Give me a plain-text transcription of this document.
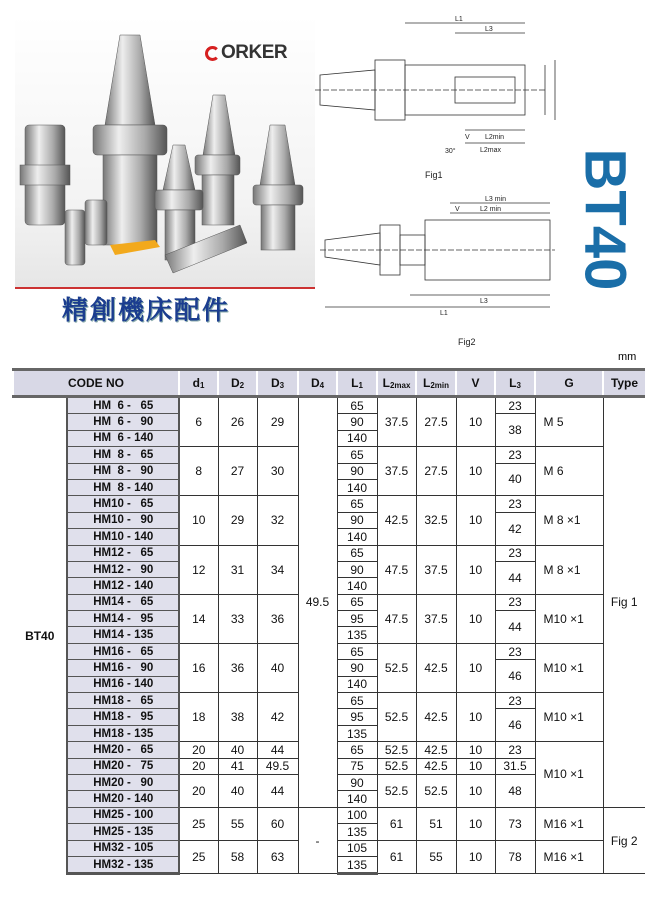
ORKER
精創機床配件
L1
L3
L2min
L2max
V
30°
Fig1
L3 min
L2 min
V
L3
L1
Fig2
BT40
mm
CODE NO		$d_1$	$D_2$	$D_3$	$D_4$	$L_1$	$L_{2max}$	$L_{2min}$	V	$L_3$	G	Type
BT40	HM  6 -   65	6	26	29	49.5	65	37.5	27.5	10	23	M 5	Fig 1
	HM  6 -   90					90				38		
	HM  6 - 140					140						
	HM  8 -   65	8	27	30		65	37.5	27.5	10	23	M 6	
	HM  8 -   90					90				40		
	HM  8 - 140					140						
	HM10 -   65	10	29	32		65	42.5	32.5	10	23	M 8 ×1	
	HM10 -   90					90				42		
	HM10 - 140					140						
	HM12 -   65	12	31	34		65	47.5	37.5	10	23	M 8 ×1	
	HM12 -   90					90				44		
	HM12 - 140					140						
	HM14 -   65	14	33	36		65	47.5	37.5	10	23	M10 ×1	
	HM14 -   95					95				44		
	HM14 - 135					135						
	HM16 -   65	16	36	40		65	52.5	42.5	10	23	M10 ×1	
	HM16 -   90					90				46		
	HM16 - 140					140						
	HM18 -   65	18	38	42		65	52.5	42.5	10	23	M10 ×1	
	HM18 -   95					95				46		
	HM18 - 135					135						
	HM20 -   65	20	40	44		65	52.5	42.5	10	23	M10 ×1	
	HM20 -   75	20	41	49.5		75	52.5	42.5	10	31.5		
	HM20 -   90	20	40	44		90	52.5	52.5	10	48		
	HM20 - 140					140						
	HM25 - 100	25	55	60	-	100	61	51	10	73	M16 ×1	Fig 2
	HM25 - 135					135						
	HM32 - 105	25	58	63		105	61	55	10	78	M16 ×1	
	HM32 - 135					135						
